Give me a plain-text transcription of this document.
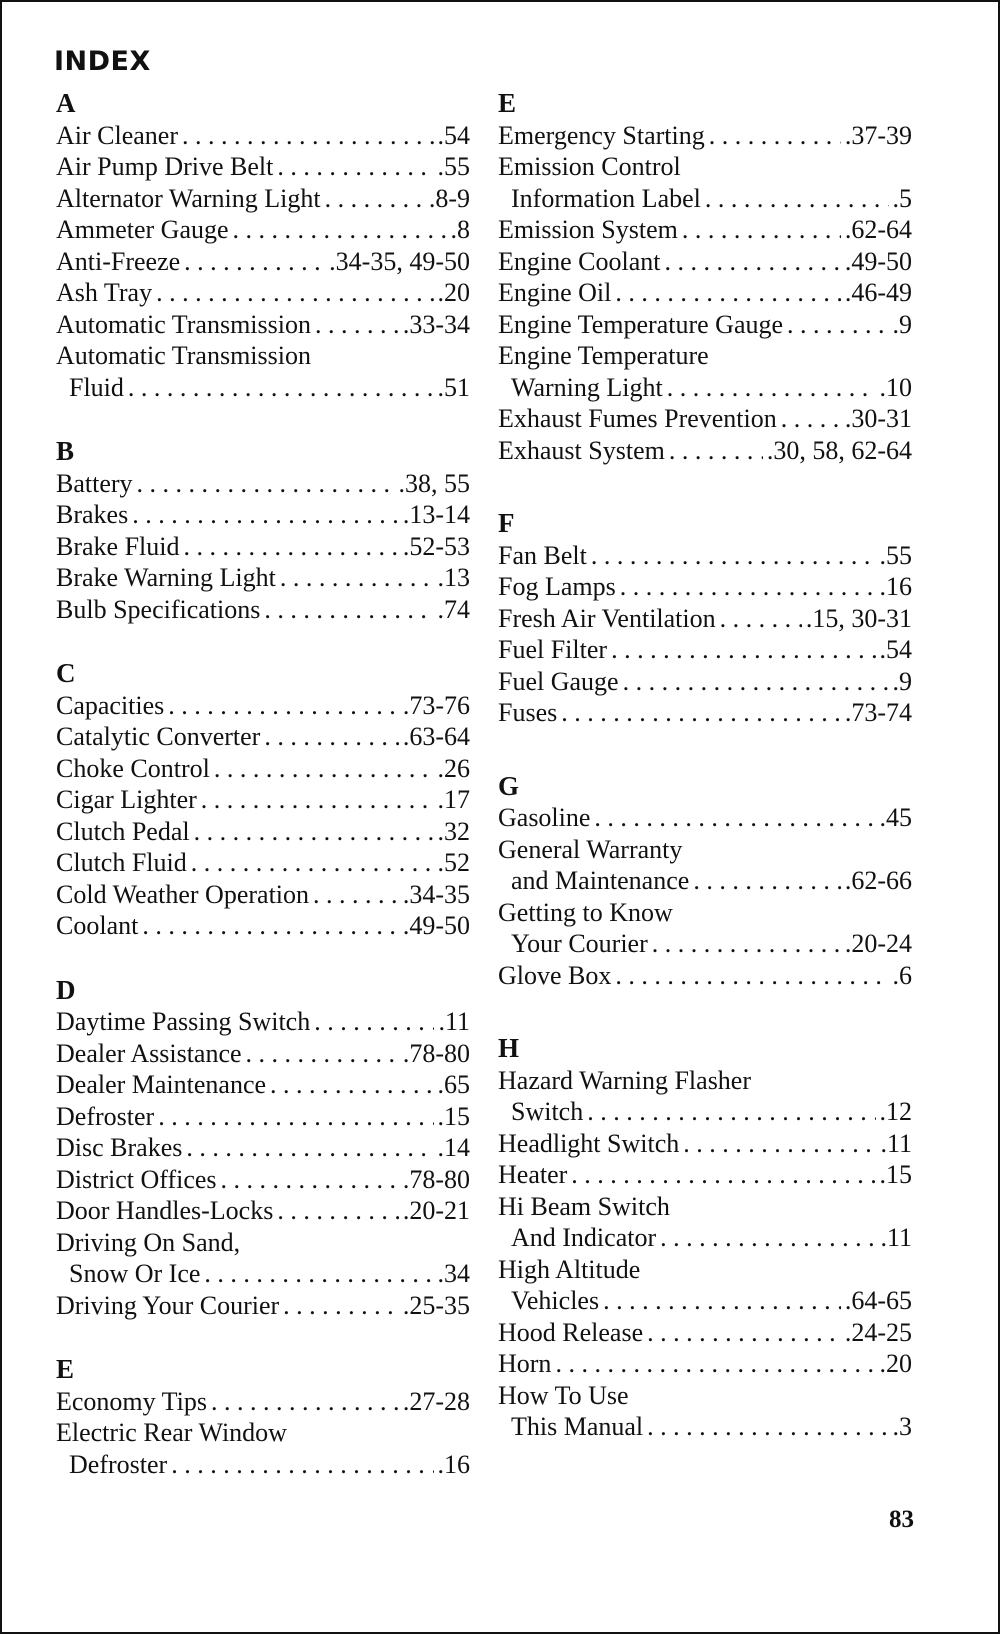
INDEX
A
Air Cleaner . . .	.54
Air Pump Drive Belt . . .	.55
Alternator Warning Light . . .	.8-9
Ammeter Gauge . . .	.8
Anti-Freeze . . .	.34-35, 49-50
Ash Tray . . .	.20
Automatic Transmission . . .	.33-34
Automatic Transmission
Fluid . . .	.51
B
Battery . . .	.38, 55
Brakes . . .	.13-14
Brake Fluid . . .	.52-53
Brake Warning Light . . .	.13
Bulb Specifications . . .	.74
C
Capacities . . .	.73-76
Catalytic Converter . . .	.63-64
Choke Control . . .	.26
Cigar Lighter . . .	.17
Clutch Pedal . . .	.32
Clutch Fluid . . .	.52
Cold Weather Operation . . .	.34-35
Coolant . . .	.49-50
D
Daytime Passing Switch . . .	.11
Dealer Assistance . . .	.78-80
Dealer Maintenance . . .	.65
Defroster . . .	.15
Disc Brakes . . .	.14
District Offices . . .	.78-80
Door Handles-Locks . . .	.20-21
Driving On Sand,
Snow Or Ice . . .	.34
Driving Your Courier . . .	.25-35
E
Economy Tips . . .	.27-28
Electric Rear Window
Defroster . . .	.16
E
Emergency Starting . . .	.37-39
Emission Control
Information Label . . .	.5
Emission System . . .	.62-64
Engine Coolant . . .	.49-50
Engine Oil . . .	.46-49
Engine Temperature Gauge . . .	.9
Engine Temperature
Warning Light . . .	.10
Exhaust Fumes Prevention . . .	.30-31
Exhaust System . . .	.30, 58, 62-64
F
Fan Belt . . .	.55
Fog Lamps . . .	.16
Fresh Air Ventilation . . .	.15, 30-31
Fuel Filter . . .	.54
Fuel Gauge . . .	.9
Fuses . . .	.73-74
G
Gasoline . . .	.45
General Warranty
and Maintenance . . .	.62-66
Getting to Know
Your Courier . . .	.20-24
Glove Box . . .	.6
H
Hazard Warning Flasher
Switch . . .	.12
Headlight Switch . . .	.11
Heater . . .	.15
Hi Beam Switch
And Indicator . . .	.11
High Altitude
Vehicles . . .	.64-65
Hood Release . . .	.24-25
Horn . . .	.20
How To Use
This Manual . . .	.3
83
